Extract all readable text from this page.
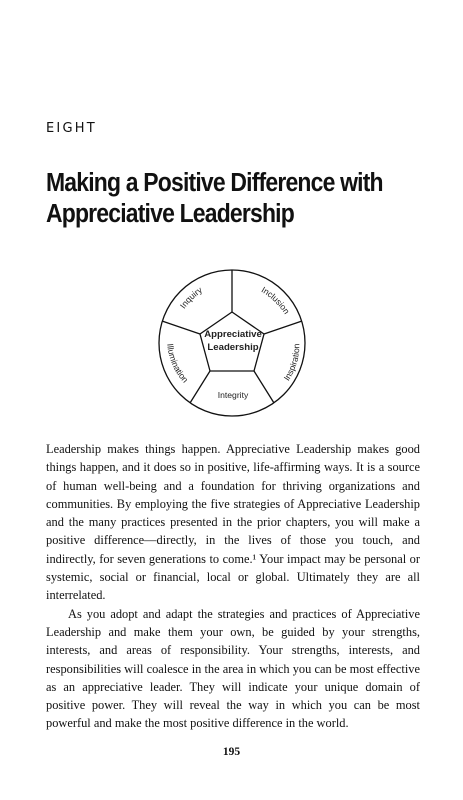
EIGHT
Making a Positive Difference with
Appreciative Leadership
Appreciative
Leadership
Inquiry	Inclusion
Inspiration
Illumination
Integrity

Leadership makes things happen. Appreciative Leadership makes good things happen, and it does so in positive, life-affirming ways. It is a source of human well-being and a foundation for thriving organizations and communities. By employing the five strategies of Appreciative Leadership and the many practices presented in the prior chapters, you will make a positive difference—directly, in the lives of those you touch, and indirectly, for seven generations to come.¹ Your impact may be personal or systemic, social or financial, local or global. Ultimately they are all interrelated.

As you adopt and adapt the strategies and practices of Appreciative Leadership and make them your own, be guided by your strengths, interests, and areas of responsibility. Your strengths, interests, and responsibilities will coalesce in the area in which you can be most effective as an appreciative leader. They will indicate your unique domain of positive power. They will reveal the way in which you can be most powerful and make the most positive difference in the world.

195
